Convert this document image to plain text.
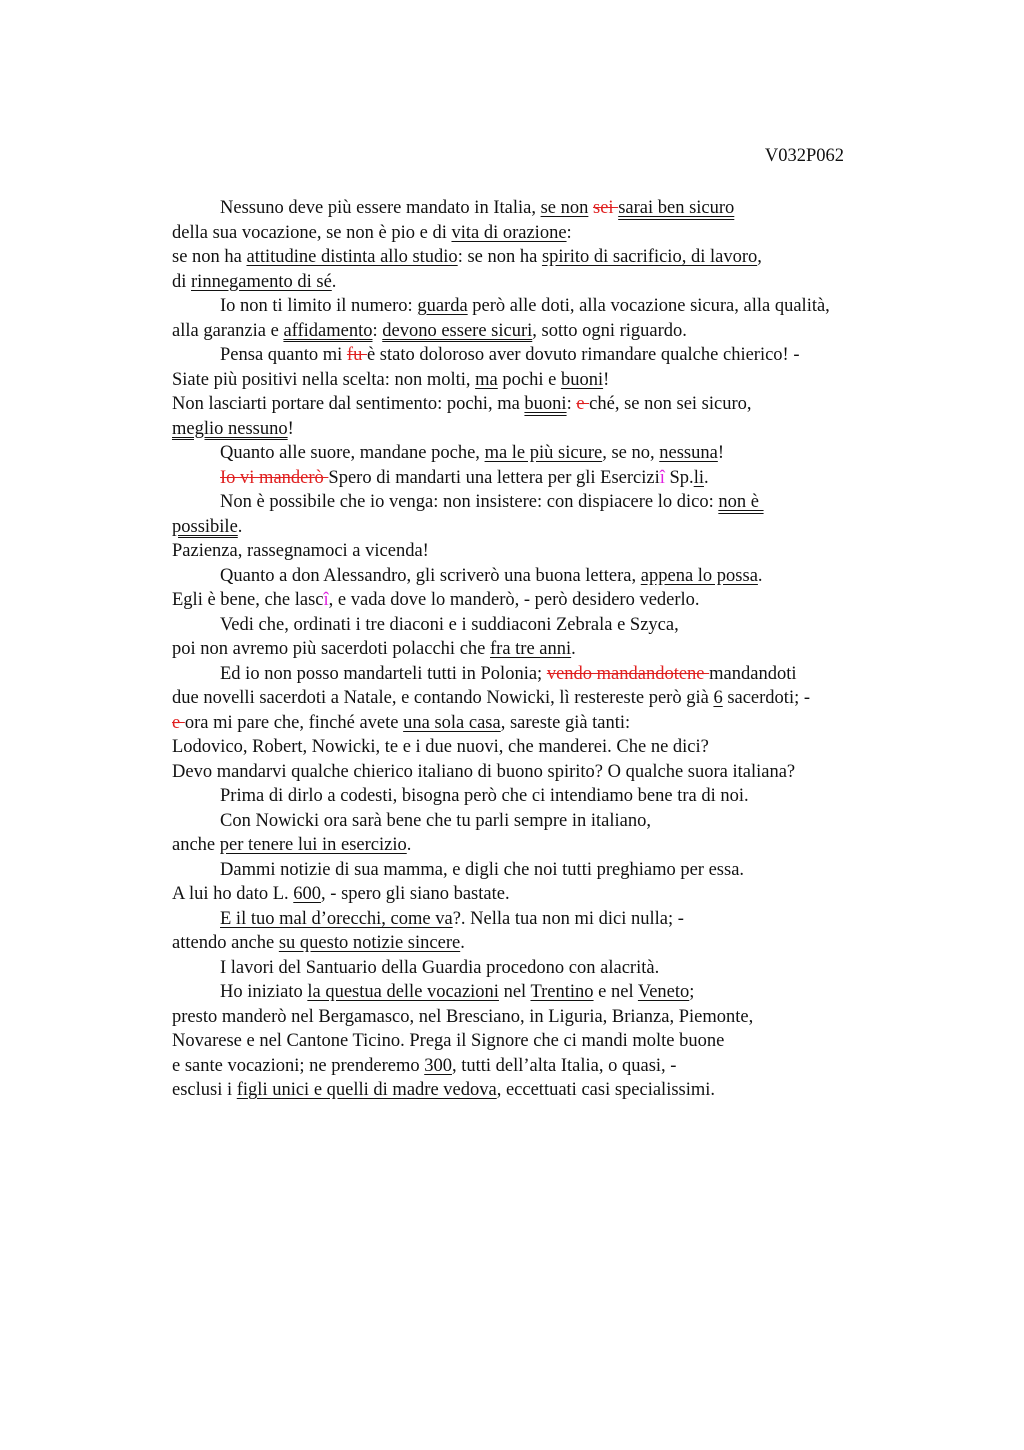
V032P062
Nessuno deve più essere mandato in Italia, se non sei sarai ben sicuro
della sua vocazione, se non è pio e di vita di orazione:
se non ha attitudine distinta allo studio: se non ha spirito di sacrificio, di lavoro,
di rinnegamento di sé.
Io non ti limito il numero: guarda però alle doti, alla vocazione sicura, alla qualità,
alla garanzia e affidamento: devono essere sicuri, sotto ogni riguardo.
Pensa quanto mi fu è stato doloroso aver dovuto rimandare qualche chierico! -
Siate più positivi nella scelta: non molti, ma pochi e buoni!
Non lasciarti portare dal sentimento: pochi, ma buoni: e ché, se non sei sicuro,
meglio nessuno!
Quanto alle suore, mandane poche, ma le più sicure, se no, nessuna!
Io vi manderò Spero di mandarti una lettera per gli Eserciziî Sp.li.
Non è possibile che io venga: non insistere: con dispiacere lo dico: non è
possibile.
Pazienza, rassegnamoci a vicenda!
Quanto a don Alessandro, gli scriverò una buona lettera, appena lo possa.
Egli è bene, che lascî, e vada dove lo manderò, - però desidero vederlo.
Vedi che, ordinati i tre diaconi e i suddiaconi Zebrala e Szyca,
poi non avremo più sacerdoti polacchi che fra tre anni.
Ed io non posso mandarteli tutti in Polonia; vendo mandandotene mandandoti
due novelli sacerdoti a Natale, e contando Nowicki, lì restereste però già 6 sacerdoti; -
e ora mi pare che, finché avete una sola casa, sareste già tanti:
Lodovico, Robert, Nowicki, te e i due nuovi, che manderei. Che ne dici?
Devo mandarvi qualche chierico italiano di buono spirito? O qualche suora italiana?
Prima di dirlo a codesti, bisogna però che ci intendiamo bene tra di noi.
Con Nowicki ora sarà bene che tu parli sempre in italiano,
anche per tenere lui in esercizio.
Dammi notizie di sua mamma, e digli che noi tutti preghiamo per essa.
A lui ho dato L. 600, - spero gli siano bastate.
E il tuo mal d’orecchi, come va?. Nella tua non mi dici nulla; -
attendo anche su questo notizie sincere.
I lavori del Santuario della Guardia procedono con alacrità.
Ho iniziato la questua delle vocazioni nel Trentino e nel Veneto;
presto manderò nel Bergamasco, nel Bresciano, in Liguria, Brianza, Piemonte,
Novarese e nel Cantone Ticino. Prega il Signore che ci mandi molte buone
e sante vocazioni; ne prenderemo 300, tutti dell’alta Italia, o quasi, -
esclusi i figli unici e quelli di madre vedova, eccettuati casi specialissimi.
